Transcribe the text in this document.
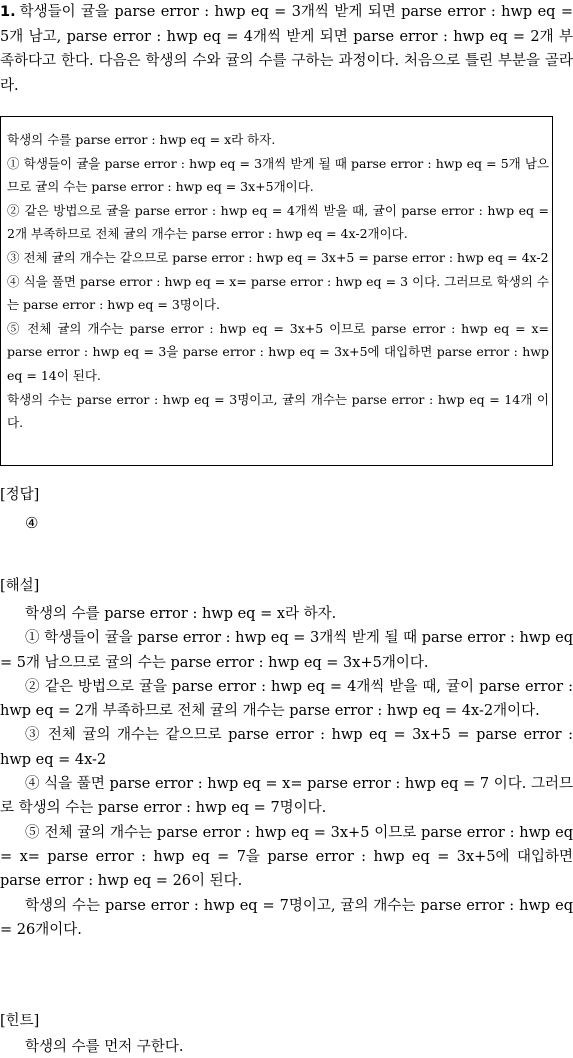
1. 학생들이 귤을 parse error : hwp eq = 3개씩 받게 되면 parse error : hwp eq = 5개 남고, parse error : hwp eq = 4개씩 받게 되면 parse error : hwp eq = 2개 부족하다고 한다. 다음은 학생의 수와 귤의 수를 구하는 과정이다. 처음으로 틀린 부분을 골라라.

학생의 수를 parse error : hwp eq = x라 하자.

① 학생들이 귤을 parse error : hwp eq = 3개씩 받게 될 때 parse error : hwp eq = 5개 남으므로 귤의 수는 parse error : hwp eq = 3x+5개이다.

② 같은 방법으로 귤을 parse error : hwp eq = 4개씩 받을 때, 귤이 parse error : hwp eq = 2개 부족하므로 전체 귤의 개수는 parse error : hwp eq = 4x-2개이다.

③ 전체 귤의 개수는 같으므로 parse error : hwp eq = 3x+5 = parse error : hwp eq = 4x-2

④ 식을 풀면 parse error : hwp eq = x= parse error : hwp eq = 3 이다. 그러므로 학생의 수는 parse error : hwp eq = 3명이다.

⑤ 전체 귤의 개수는 parse error : hwp eq = 3x+5 이므로 parse error : hwp eq = x= parse error : hwp eq = 3을 parse error : hwp eq = 3x+5에 대입하면 parse error : hwp eq = 14이 된다.

학생의 수는 parse error : hwp eq = 3명이고, 귤의 개수는 parse error : hwp eq = 14개 이다.

[정답]
④
[해설]

학생의 수를 parse error : hwp eq = x라 하자.

① 학생들이 귤을 parse error : hwp eq = 3개씩 받게 될 때 parse error : hwp eq = 5개 남으므로 귤의 수는 parse error : hwp eq = 3x+5개이다.

② 같은 방법으로 귤을 parse error : hwp eq = 4개씩 받을 때, 귤이 parse error : hwp eq = 2개 부족하므로 전체 귤의 개수는 parse error : hwp eq = 4x-2개이다.

③ 전체 귤의 개수는 같으므로 parse error : hwp eq = 3x+5 = parse error : hwp eq = 4x-2

④ 식을 풀면 parse error : hwp eq = x= parse error : hwp eq = 7 이다. 그러므로 학생의 수는 parse error : hwp eq = 7명이다.

⑤ 전체 귤의 개수는 parse error : hwp eq = 3x+5 이므로 parse error : hwp eq = x= parse error : hwp eq = 7을 parse error : hwp eq = 3x+5에 대입하면 parse error : hwp eq = 26이 된다.

학생의 수는 parse error : hwp eq = 7명이고, 귤의 개수는 parse error : hwp eq = 26개이다.

[힌트]
학생의 수를 먼저 구한다.
